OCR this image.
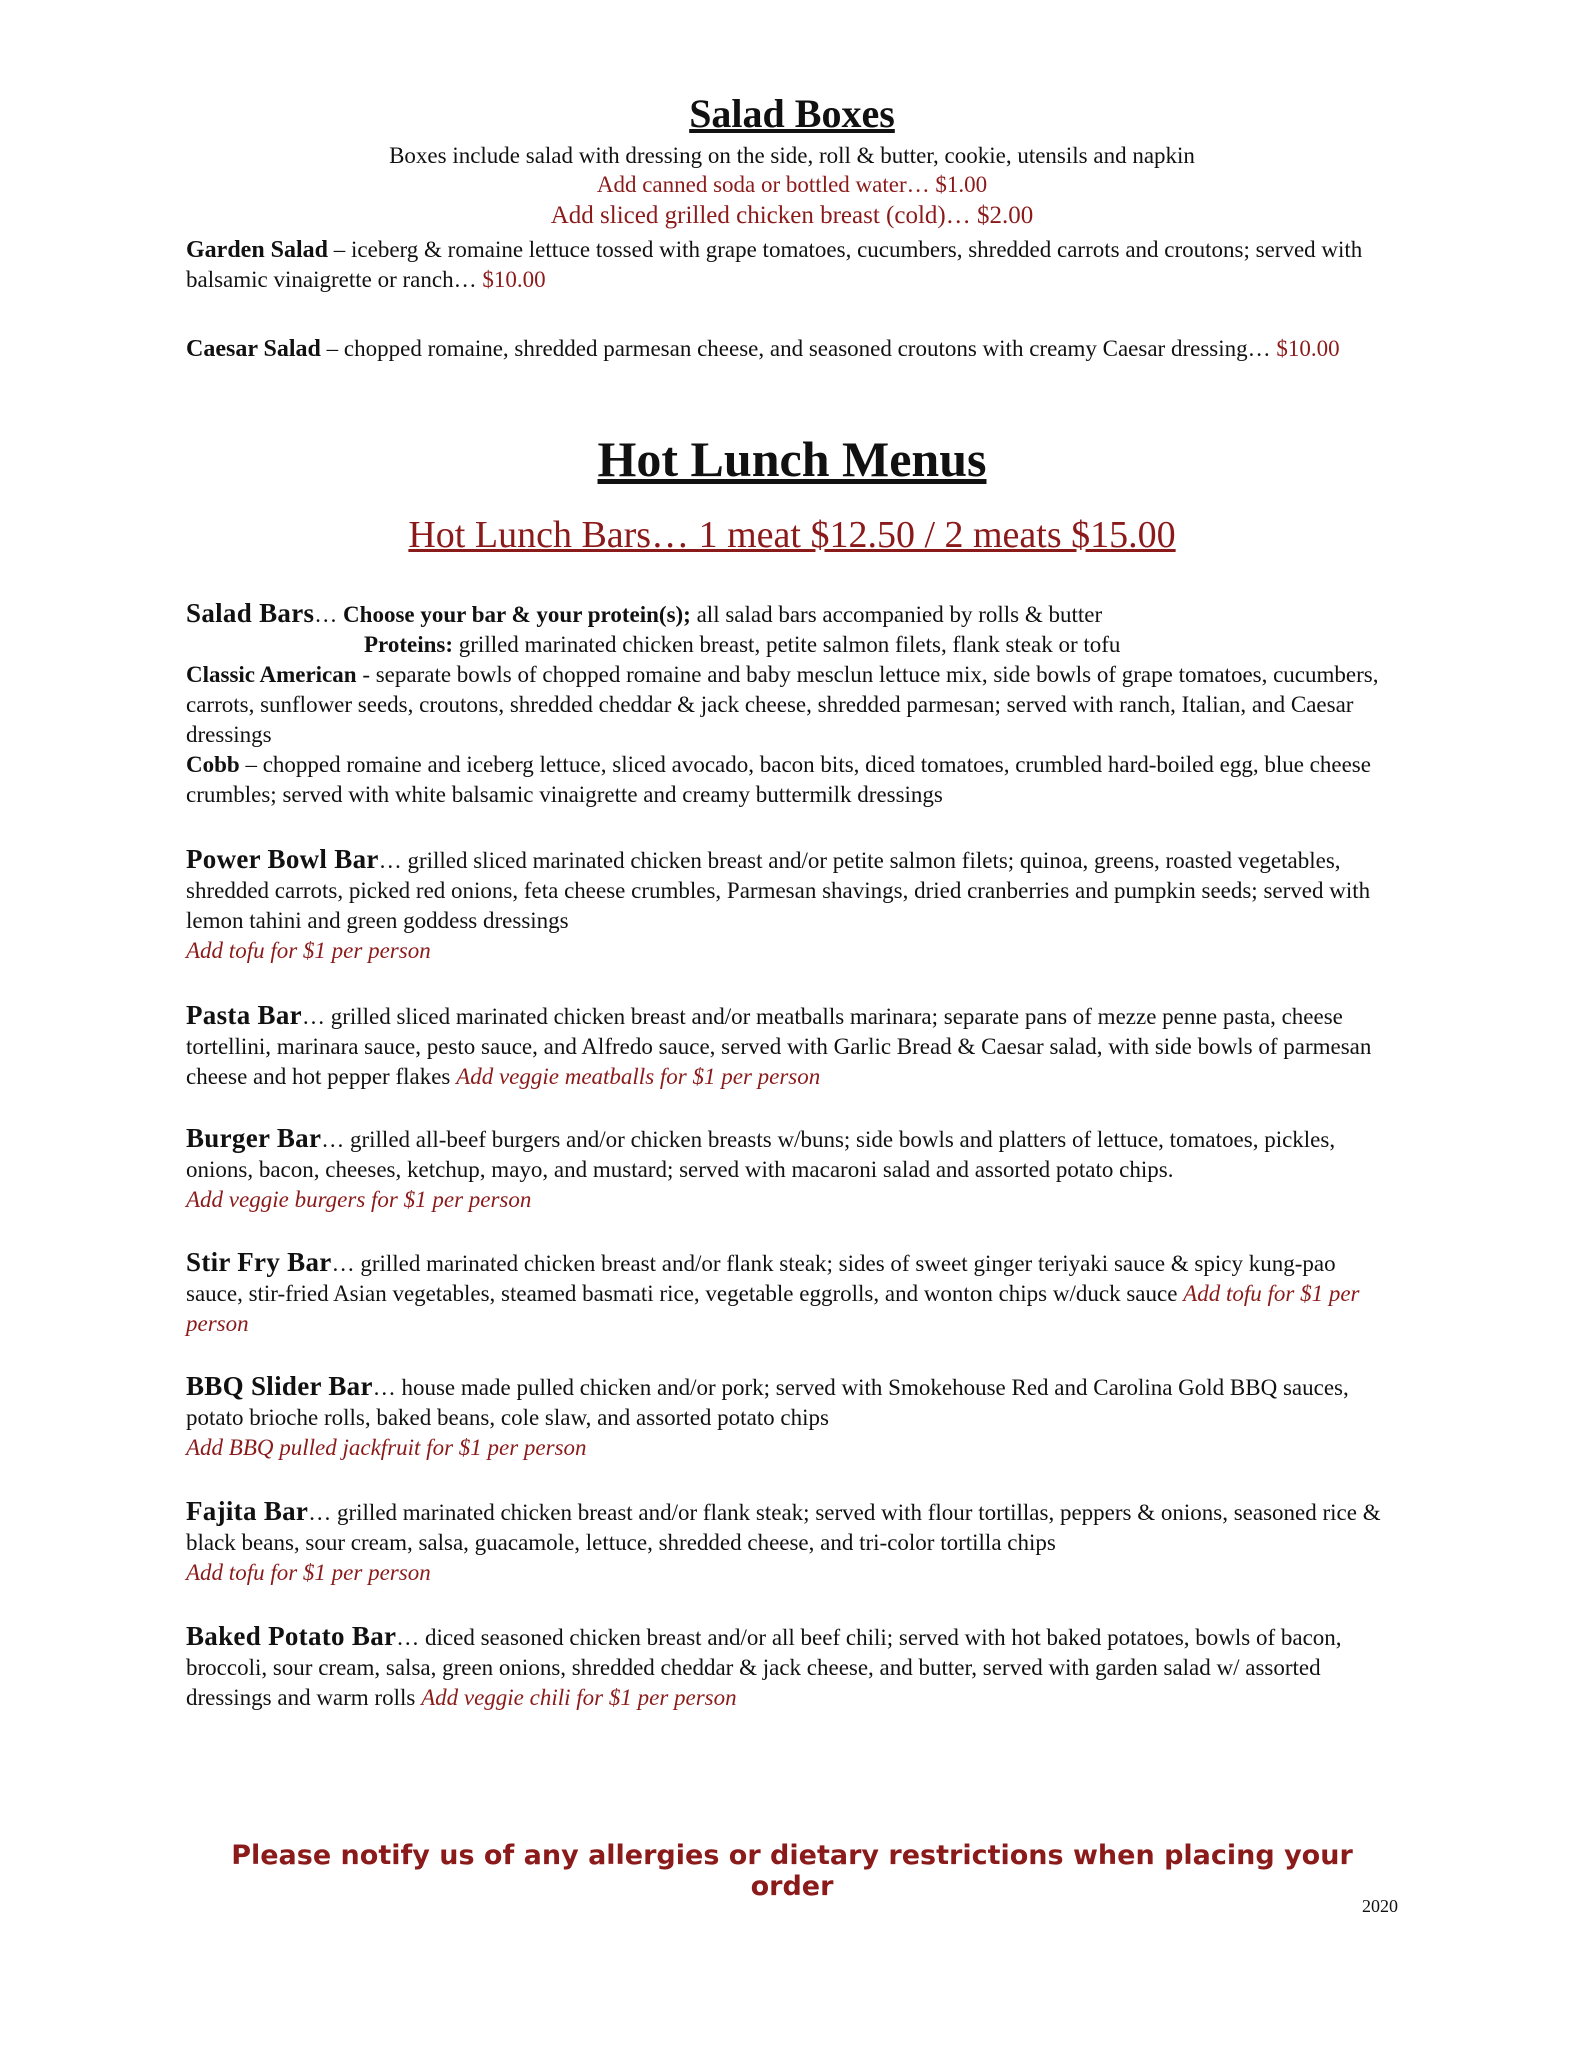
Salad Boxes
Boxes include salad with dressing on the side, roll & butter, cookie, utensils and napkin
Add canned soda or bottled water… $1.00
Add sliced grilled chicken breast (cold)… $2.00
Garden Salad – iceberg & romaine lettuce tossed with grape tomatoes, cucumbers, shredded carrots and croutons; served with balsamic vinaigrette or ranch… $10.00
Caesar Salad – chopped romaine, shredded parmesan cheese, and seasoned croutons with creamy Caesar dressing… $10.00
Hot Lunch Menus
Hot Lunch Bars… 1 meat $12.50 / 2 meats $15.00
Salad Bars… Choose your bar & your protein(s); all salad bars accompanied by rolls & butter
Proteins: grilled marinated chicken breast, petite salmon filets, flank steak or tofu
Classic American - separate bowls of chopped romaine and baby mesclun lettuce mix, side bowls of grape tomatoes, cucumbers, carrots, sunflower seeds, croutons, shredded cheddar & jack cheese, shredded parmesan; served with ranch, Italian, and Caesar dressings
Cobb – chopped romaine and iceberg lettuce, sliced avocado, bacon bits, diced tomatoes, crumbled hard-boiled egg, blue cheese crumbles; served with white balsamic vinaigrette and creamy buttermilk dressings
Power Bowl Bar… grilled sliced marinated chicken breast and/or petite salmon filets; quinoa, greens, roasted vegetables, shredded carrots, picked red onions, feta cheese crumbles, Parmesan shavings, dried cranberries and pumpkin seeds; served with lemon tahini and green goddess dressings
Add tofu for $1 per person
Pasta Bar… grilled sliced marinated chicken breast and/or meatballs marinara; separate pans of mezze penne pasta, cheese tortellini, marinara sauce, pesto sauce, and Alfredo sauce, served with Garlic Bread & Caesar salad, with side bowls of parmesan cheese and hot pepper flakes Add veggie meatballs for $1 per person
Burger Bar… grilled all-beef burgers and/or chicken breasts w/buns; side bowls and platters of lettuce, tomatoes, pickles, onions, bacon, cheeses, ketchup, mayo, and mustard; served with macaroni salad and assorted potato chips.
Add veggie burgers for $1 per person
Stir Fry Bar… grilled marinated chicken breast and/or flank steak; sides of sweet ginger teriyaki sauce & spicy kung-pao sauce, stir-fried Asian vegetables, steamed basmati rice, vegetable eggrolls, and wonton chips w/duck sauce Add tofu for $1 per person
BBQ Slider Bar… house made pulled chicken and/or pork; served with Smokehouse Red and Carolina Gold BBQ sauces, potato brioche rolls, baked beans, cole slaw, and assorted potato chips
Add BBQ pulled jackfruit for $1 per person
Fajita Bar… grilled marinated chicken breast and/or flank steak; served with flour tortillas, peppers & onions, seasoned rice & black beans, sour cream, salsa, guacamole, lettuce, shredded cheese, and tri-color tortilla chips
Add tofu for $1 per person
Baked Potato Bar… diced seasoned chicken breast and/or all beef chili; served with hot baked potatoes, bowls of bacon, broccoli, sour cream, salsa, green onions, shredded cheddar & jack cheese, and butter, served with garden salad w/ assorted dressings and warm rolls Add veggie chili for $1 per person
Please notify us of any allergies or dietary restrictions when placing your order
2020
